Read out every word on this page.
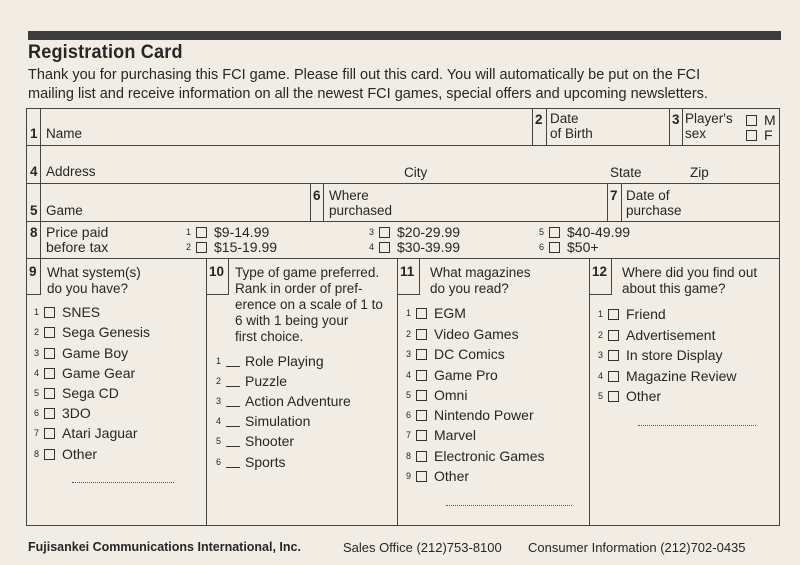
Registration Card
Thank you for purchasing this FCI game. Please fill out this card. You will automatically be put on the FCI
mailing list and receive information on all the newest FCI games, special offers and upcoming newsletters.
1 Name
2 Date
of Birth
3 Player's
sex
M
F
4 Address	City	State	Zip
5 Game
6 Where
purchased
7 Date of
purchase
8 Price paid
before tax
1	$9-14.99
2	$15-19.99
3	$20-29.99
4	$30-39.99
5	$40-49.99
6	$50+
9 What system(s)
do you have?
1	SNES
2	Sega Genesis
3	Game Boy
4	Game Gear
5	Sega CD
6	3DO
7	Atari Jaguar
8	Other
10 Type of game preferred.
Rank in order of pref-
erence on a scale of 1 to
6 with 1 being your
first choice.
1	Role Playing
2	Puzzle
3	Action Adventure
4	Simulation
5	Shooter
6	Sports
11 What magazines
do you read?
1	EGM
2	Video Games
3	DC Comics
4	Game Pro
5	Omni
6	Nintendo Power
7	Marvel
8	Electronic Games
9	Other
12 Where did you find out
about this game?
1	Friend
2	Advertisement
3	In store Display
4	Magazine Review
5	Other
Fujisankei Communications International, Inc.	Sales Office (212)753-8100 Consumer Information (212)702-0435
